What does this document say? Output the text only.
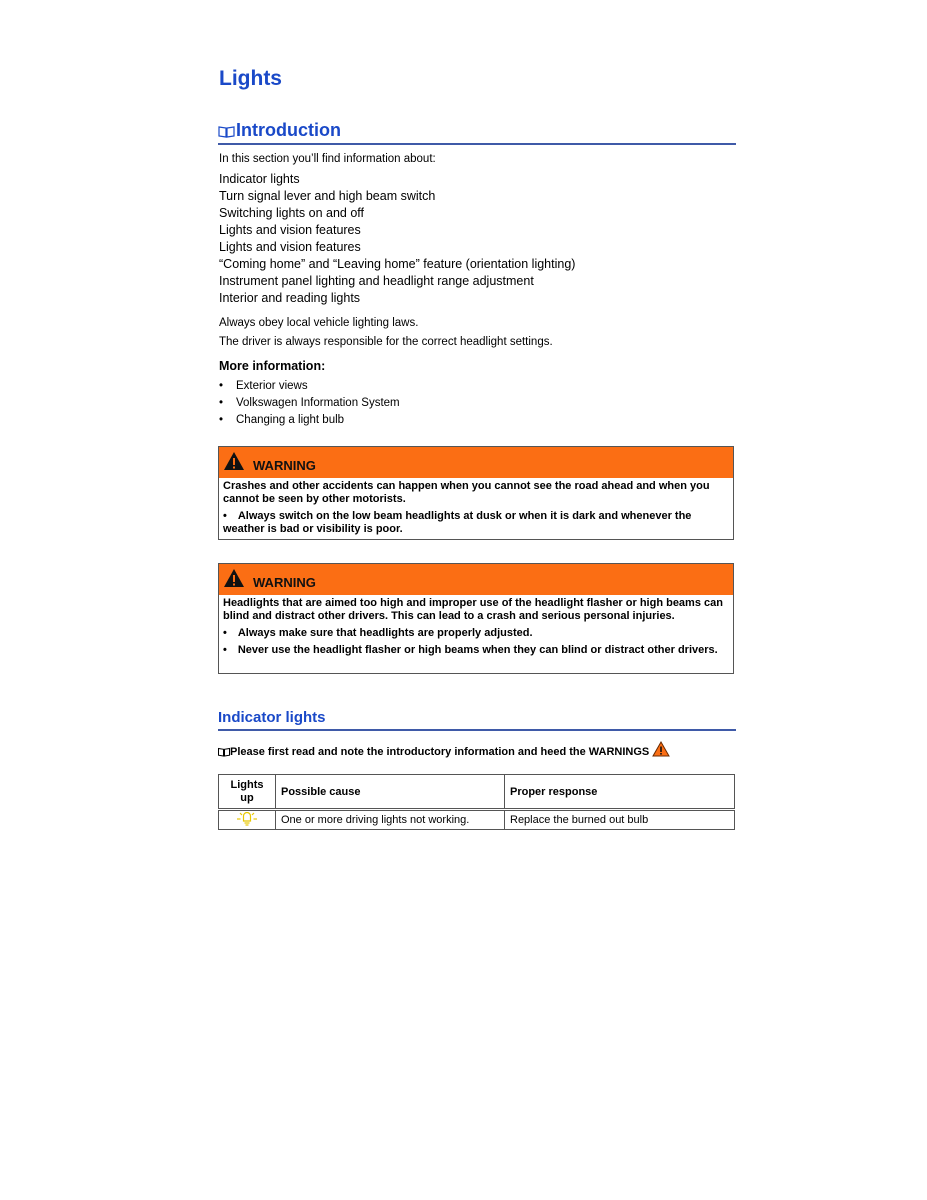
Lights
Introduction
In this section you’ll find information about:
Indicator lights
Turn signal lever and high beam switch
Switching lights on and off
Lights and vision features
Lights and vision features
“Coming home” and “Leaving home” feature (orientation lighting)
Instrument panel lighting and headlight range adjustment
Interior and reading lights
Always obey local vehicle lighting laws.
The driver is always responsible for the correct headlight settings.
More information:
• Exterior views
• Volkswagen Information System
• Changing a light bulb
WARNING

Crashes and other accidents can happen when you cannot see the road ahead and when you cannot be seen by other motorists.

• Always switch on the low beam headlights at dusk or when it is dark and whenever the weather is bad or visibility is poor.

WARNING

Headlights that are aimed too high and improper use of the headlight flasher or high beams can blind and distract other drivers. This can lead to a crash and serious personal injuries.

• Always make sure that headlights are properly adjusted.

• Never use the headlight flasher or high beams when they can blind or distract other drivers.

Indicator lights
Please first read and note the introductory information and heed the WARNINGS
Lights up	Possible cause	Proper response
	One or more driving lights not working.	Replace the burned out bulb
